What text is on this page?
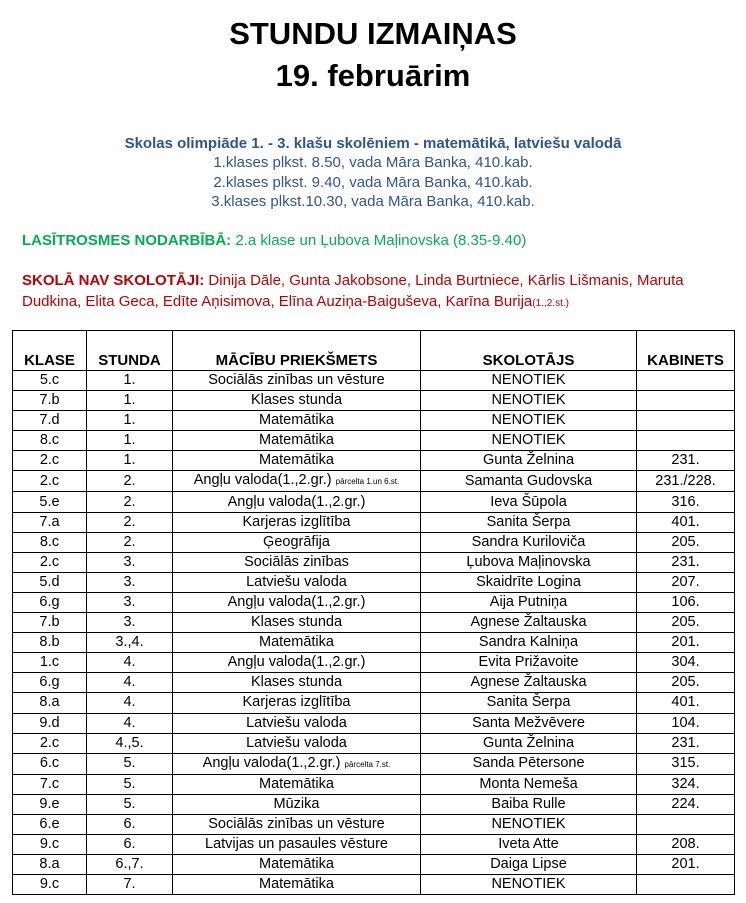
STUNDU IZMAIŅAS
19. februārim
Skolas olimpiāde 1. - 3. klašu skolēniem - matemātikā, latviešu valodā
1.klases plkst. 8.50, vada Māra Banka, 410.kab.
2.klases plkst. 9.40, vada Māra Banka, 410.kab.
3.klases plkst.10.30, vada Māra Banka, 410.kab.
LASĪTROSMES NODARBĪBĀ: 2.a klase un Ļubova Maļinovska (8.35-9.40)
SKOLĀ NAV SKOLOTĀJI: Dinija Dāle, Gunta Jakobsone, Linda Burtniece, Kārlis Lišmanis, Maruta Dudkina, Elita Geca, Edīte Aņisimova, Elīna Auziņa-Baiguševa, Karīna Burija(1.,2.st.)
KLASE	STUNDA	MĀCĪBU PRIEKŠMETS	SKOLOTĀJS	KABINETS
5.c	1.	Sociālās zinības un vēsture	NENOTIEK	
7.b	1.	Klases stunda	NENOTIEK	
7.d	1.	Matemātika	NENOTIEK	
8.c	1.	Matemātika	NENOTIEK	
2.c	1.	Matemātika	Gunta Želnina	231.
2.c	2.	Angļu valoda(1.,2.gr.) pārcelta 1.un 6.st.	Samanta Gudovska	231./228.
5.e	2.	Angļu valoda(1.,2.gr.)	Ieva Šūpola	316.
7.a	2.	Karjeras izglītība	Sanita Šerpa	401.
8.c	2.	Ģeogrāfija	Sandra Kuriloviča	205.
2.c	3.	Sociālās zinības	Ļubova Maļinovska	231.
5.d	3.	Latviešu valoda	Skaidrīte Logina	207.
6.g	3.	Angļu valoda(1.,2.gr.)	Aija Putniņa	106.
7.b	3.	Klases stunda	Agnese Žaltauska	205.
8.b	3.,4.	Matemātika	Sandra Kalniņa	201.
1.c	4.	Angļu valoda(1.,2.gr.)	Evita Prižavoite	304.
6.g	4.	Klases stunda	Agnese Žaltauska	205.
8.a	4.	Karjeras izglītība	Sanita Šerpa	401.
9.d	4.	Latviešu valoda	Santa Mežvēvere	104.
2.c	4.,5.	Latviešu valoda	Gunta Želnina	231.
6.c	5.	Angļu valoda(1.,2.gr.) pārcelta 7.st.	Sanda Pētersone	315.
7.c	5.	Matemātika	Monta Nemeša	324.
9.e	5.	Mūzika	Baiba Rulle	224.
6.e	6.	Sociālās zinības un vēsture	NENOTIEK	
9.c	6.	Latvijas un pasaules vēsture	Iveta Atte	208.
8.a	6.,7.	Matemātika	Daiga Lipse	201.
9.c	7.	Matemātika	NENOTIEK	
